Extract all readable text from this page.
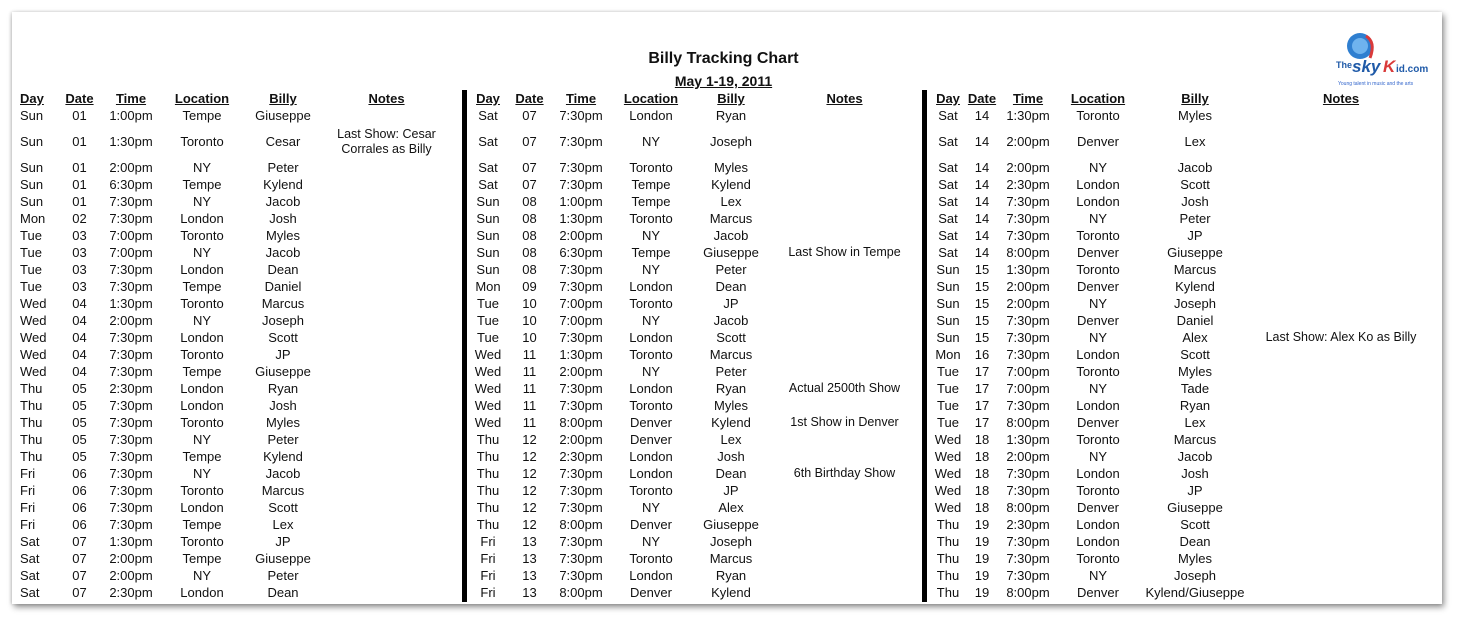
Billy Tracking Chart
May 1-19, 2011
The sky K id.com
Young talent in music and the arts
Day	Date	Time	Location	Billy	Notes
Sun	01	1:00pm	Tempe	Giuseppe	
Sun	01	1:30pm	Toronto	Cesar	Last Show: Cesar Corrales as Billy
Sun	01	2:00pm	NY	Peter	
Sun	01	6:30pm	Tempe	Kylend	
Sun	01	7:30pm	NY	Jacob	
Mon	02	7:30pm	London	Josh	
Tue	03	7:00pm	Toronto	Myles	
Tue	03	7:00pm	NY	Jacob	
Tue	03	7:30pm	London	Dean	
Tue	03	7:30pm	Tempe	Daniel	
Wed	04	1:30pm	Toronto	Marcus	
Wed	04	2:00pm	NY	Joseph	
Wed	04	7:30pm	London	Scott	
Wed	04	7:30pm	Toronto	JP	
Wed	04	7:30pm	Tempe	Giuseppe	
Thu	05	2:30pm	London	Ryan	
Thu	05	7:30pm	London	Josh	
Thu	05	7:30pm	Toronto	Myles	
Thu	05	7:30pm	NY	Peter	
Thu	05	7:30pm	Tempe	Kylend	
Fri	06	7:30pm	NY	Jacob	
Fri	06	7:30pm	Toronto	Marcus	
Fri	06	7:30pm	London	Scott	
Fri	06	7:30pm	Tempe	Lex	
Sat	07	1:30pm	Toronto	JP	
Sat	07	2:00pm	Tempe	Giuseppe	
Sat	07	2:00pm	NY	Peter	
Sat	07	2:30pm	London	Dean	
Day	Date	Time	Location	Billy	Notes
Sat	07	7:30pm	London	Ryan	
Sat	07	7:30pm	NY	Joseph	
Sat	07	7:30pm	Toronto	Myles	
Sat	07	7:30pm	Tempe	Kylend	
Sun	08	1:00pm	Tempe	Lex	
Sun	08	1:30pm	Toronto	Marcus	
Sun	08	2:00pm	NY	Jacob	
Sun	08	6:30pm	Tempe	Giuseppe	Last Show in Tempe
Sun	08	7:30pm	NY	Peter	
Mon	09	7:30pm	London	Dean	
Tue	10	7:00pm	Toronto	JP	
Tue	10	7:00pm	NY	Jacob	
Tue	10	7:30pm	London	Scott	
Wed	11	1:30pm	Toronto	Marcus	
Wed	11	2:00pm	NY	Peter	
Wed	11	7:30pm	London	Ryan	Actual 2500th Show
Wed	11	7:30pm	Toronto	Myles	
Wed	11	8:00pm	Denver	Kylend	1st Show in Denver
Thu	12	2:00pm	Denver	Lex	
Thu	12	2:30pm	London	Josh	
Thu	12	7:30pm	London	Dean	6th Birthday Show
Thu	12	7:30pm	Toronto	JP	
Thu	12	7:30pm	NY	Alex	
Thu	12	8:00pm	Denver	Giuseppe	
Fri	13	7:30pm	NY	Joseph	
Fri	13	7:30pm	Toronto	Marcus	
Fri	13	7:30pm	London	Ryan	
Fri	13	8:00pm	Denver	Kylend	
Day	Date	Time	Location	Billy	Notes
Sat	14	1:30pm	Toronto	Myles	
Sat	14	2:00pm	Denver	Lex	
Sat	14	2:00pm	NY	Jacob	
Sat	14	2:30pm	London	Scott	
Sat	14	7:30pm	London	Josh	
Sat	14	7:30pm	NY	Peter	
Sat	14	7:30pm	Toronto	JP	
Sat	14	8:00pm	Denver	Giuseppe	
Sun	15	1:30pm	Toronto	Marcus	
Sun	15	2:00pm	Denver	Kylend	
Sun	15	2:00pm	NY	Joseph	
Sun	15	7:30pm	Denver	Daniel	
Sun	15	7:30pm	NY	Alex	Last Show: Alex Ko as Billy
Mon	16	7:30pm	London	Scott	
Tue	17	7:00pm	Toronto	Myles	
Tue	17	7:00pm	NY	Tade	
Tue	17	7:30pm	London	Ryan	
Tue	17	8:00pm	Denver	Lex	
Wed	18	1:30pm	Toronto	Marcus	
Wed	18	2:00pm	NY	Jacob	
Wed	18	7:30pm	London	Josh	
Wed	18	7:30pm	Toronto	JP	
Wed	18	8:00pm	Denver	Giuseppe	
Thu	19	2:30pm	London	Scott	
Thu	19	7:30pm	London	Dean	
Thu	19	7:30pm	Toronto	Myles	
Thu	19	7:30pm	NY	Joseph	
Thu	19	8:00pm	Denver	Kylend/Giuseppe	
